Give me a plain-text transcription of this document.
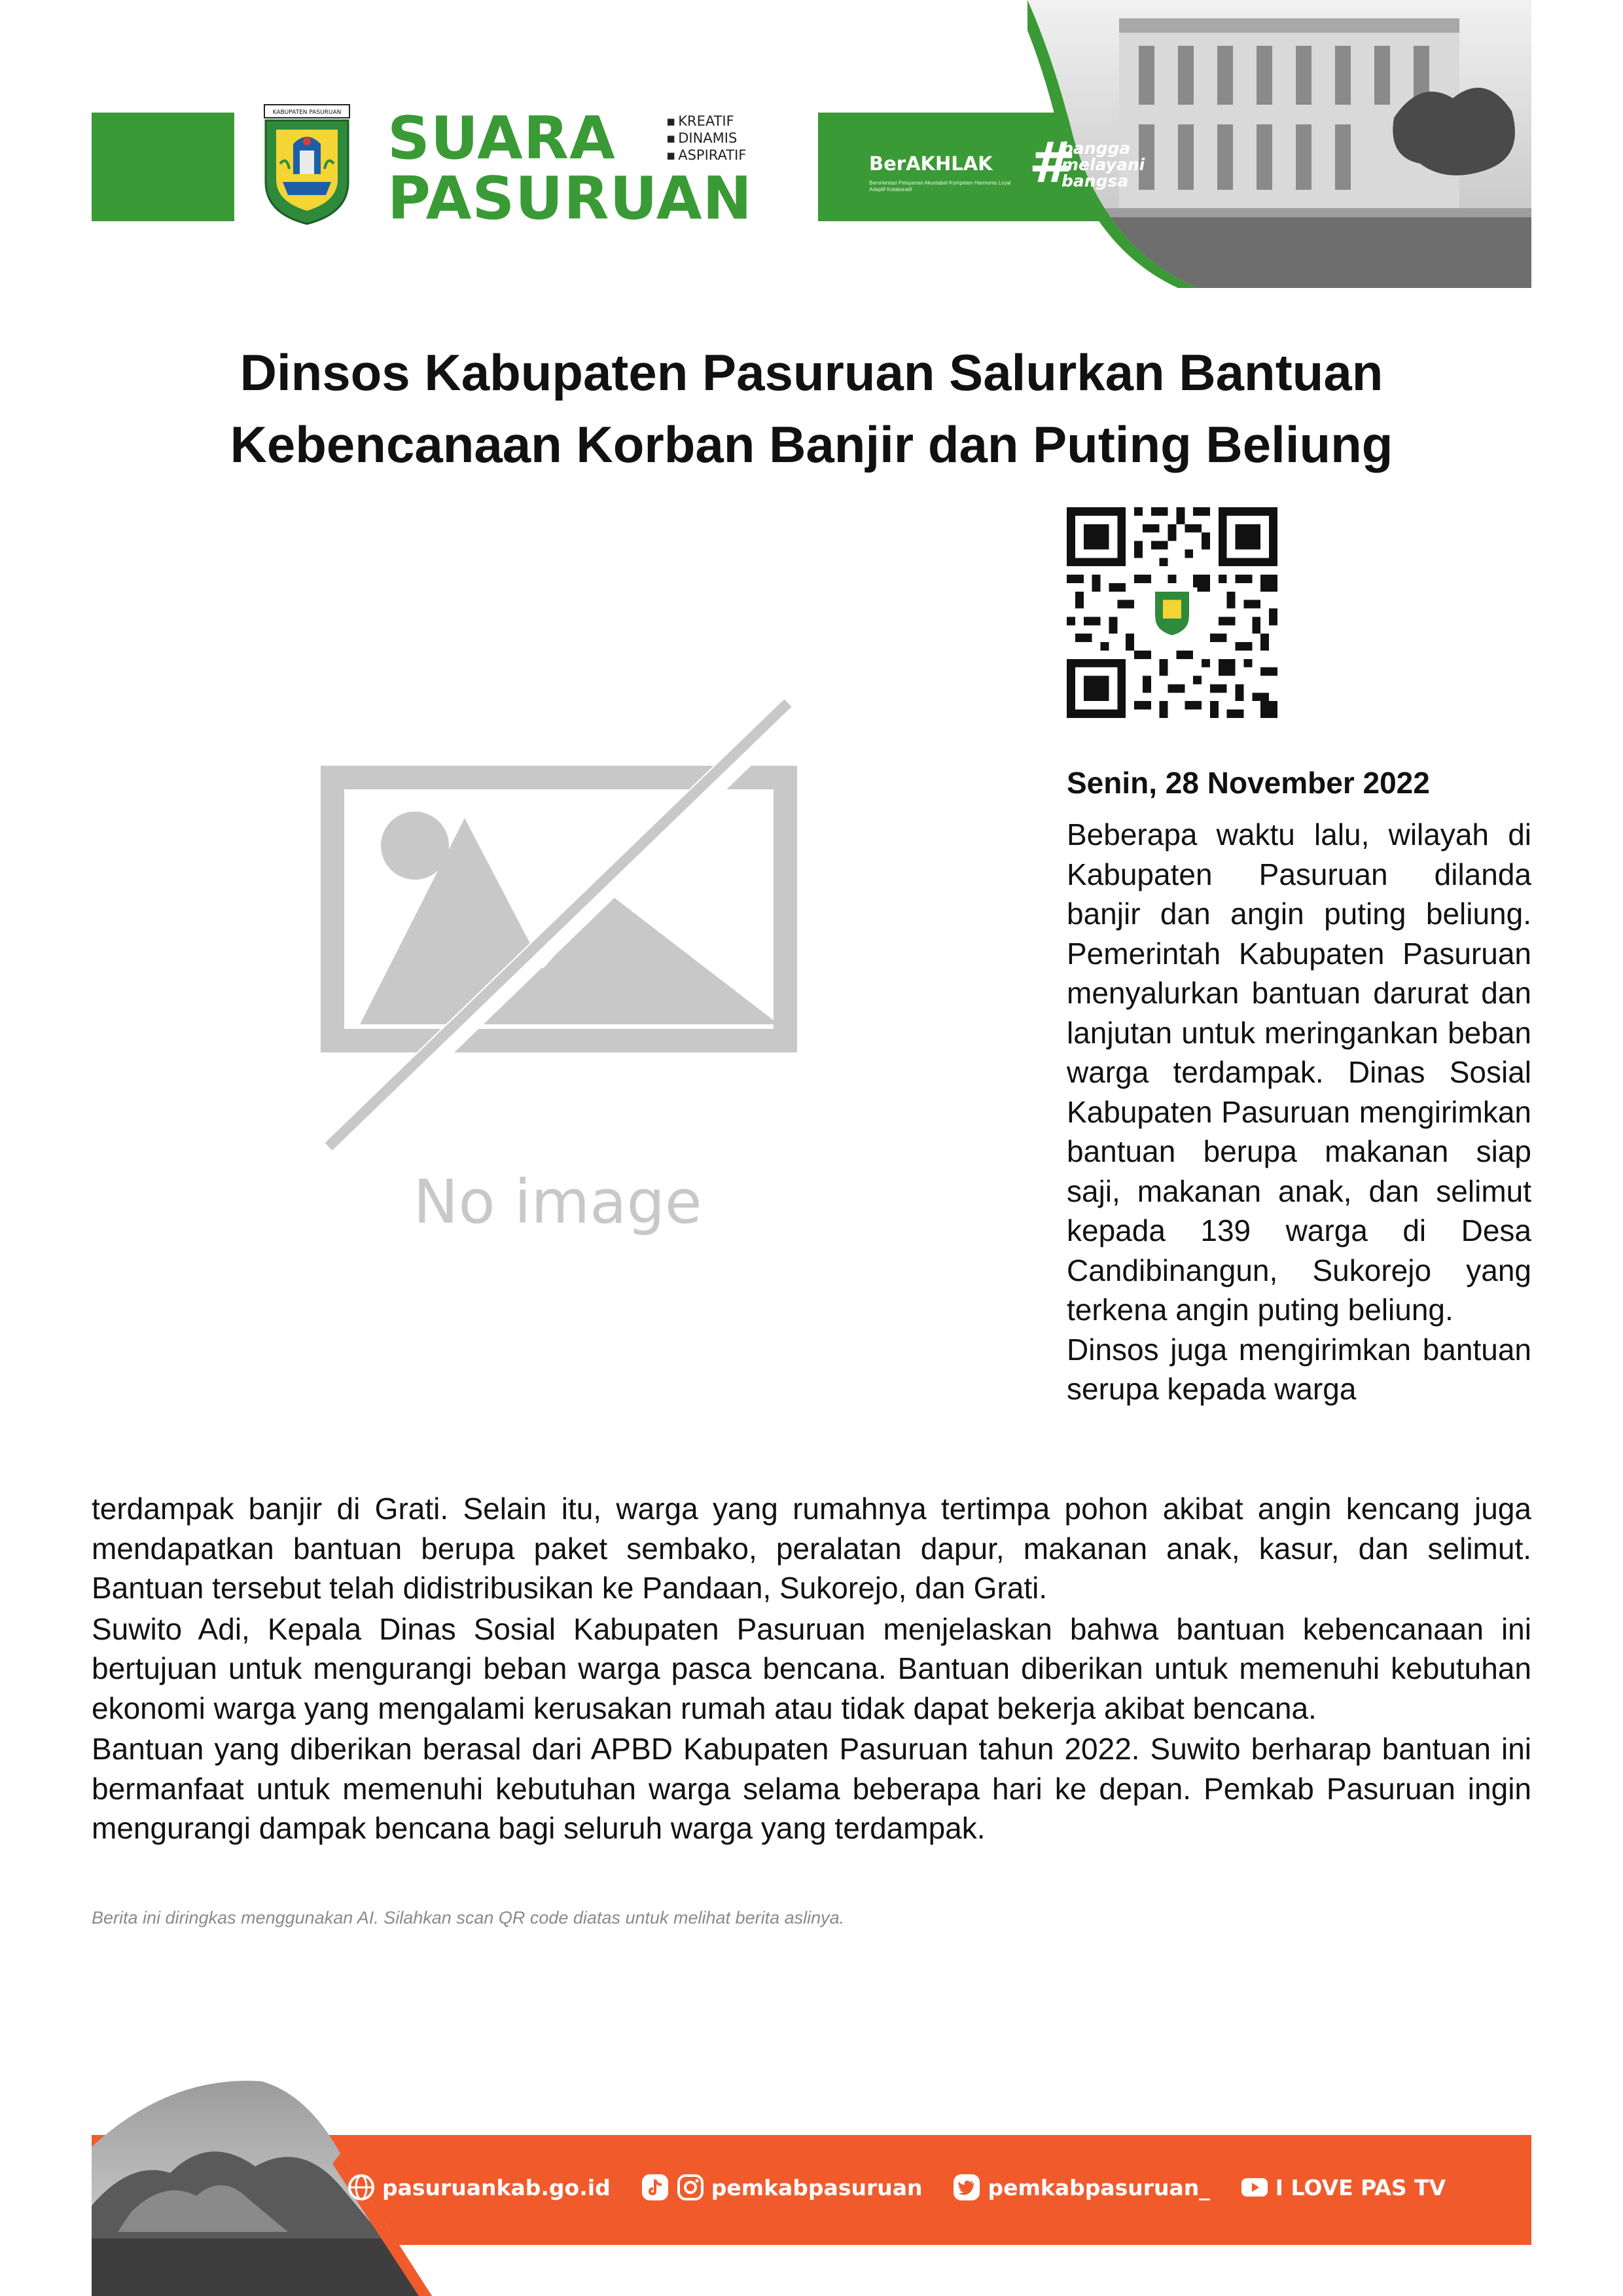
KABUPATEN PASURUAN SUARA
PASURUAN
▪ KREATIF
▪ DINAMIS
▪ ASPIRATIF	BerAKHLAK
Berorientasi Pelayanan Akuntabel Kompeten Harmonis Loyal Adaptif Kolaboratif	#
bangga
melayani
bangsa
Dinsos Kabupaten Pasuruan Salurkan Bantuan
Kebencanaan Korban Banjir dan Puting Beliung
No image
Senin, 28 November 2022

Beberapa waktu lalu, wilayah di Kabupaten Pasuruan dilanda banjir dan angin puting beliung. Pemerintah Kabupaten Pasuruan menyalurkan bantuan darurat dan lanjutan untuk meringankan beban warga terdampak. Dinas Sosial Kabupaten Pasuruan mengirimkan bantuan berupa makanan siap saji, makanan anak, dan selimut kepada 139 warga di Desa Candibinangun, Sukorejo yang terkena angin puting beliung.

Dinsos juga mengirimkan bantuan serupa kepada warga

terdampak banjir di Grati. Selain itu, warga yang rumahnya tertimpa pohon akibat angin kencang juga mendapatkan bantuan berupa paket sembako, peralatan dapur, makanan anak, kasur, dan selimut. Bantuan tersebut telah didistribusikan ke Pandaan, Sukorejo, dan Grati.

Suwito Adi, Kepala Dinas Sosial Kabupaten Pasuruan menjelaskan bahwa bantuan kebencanaan ini bertujuan untuk mengurangi beban warga pasca bencana. Bantuan diberikan untuk memenuhi kebutuhan ekonomi warga yang mengalami kerusakan rumah atau tidak dapat bekerja akibat bencana.

Bantuan yang diberikan berasal dari APBD Kabupaten Pasuruan tahun 2022. Suwito berharap bantuan ini bermanfaat untuk memenuhi kebutuhan warga selama beberapa hari ke depan. Pemkab Pasuruan ingin mengurangi dampak bencana bagi seluruh warga yang terdampak.

Berita ini diringkas menggunakan AI. Silahkan scan QR code diatas untuk melihat berita aslinya.
pasuruankab.go.id	pemkabpasuruan	pemkabpasuruan_	I LOVE PAS TV
